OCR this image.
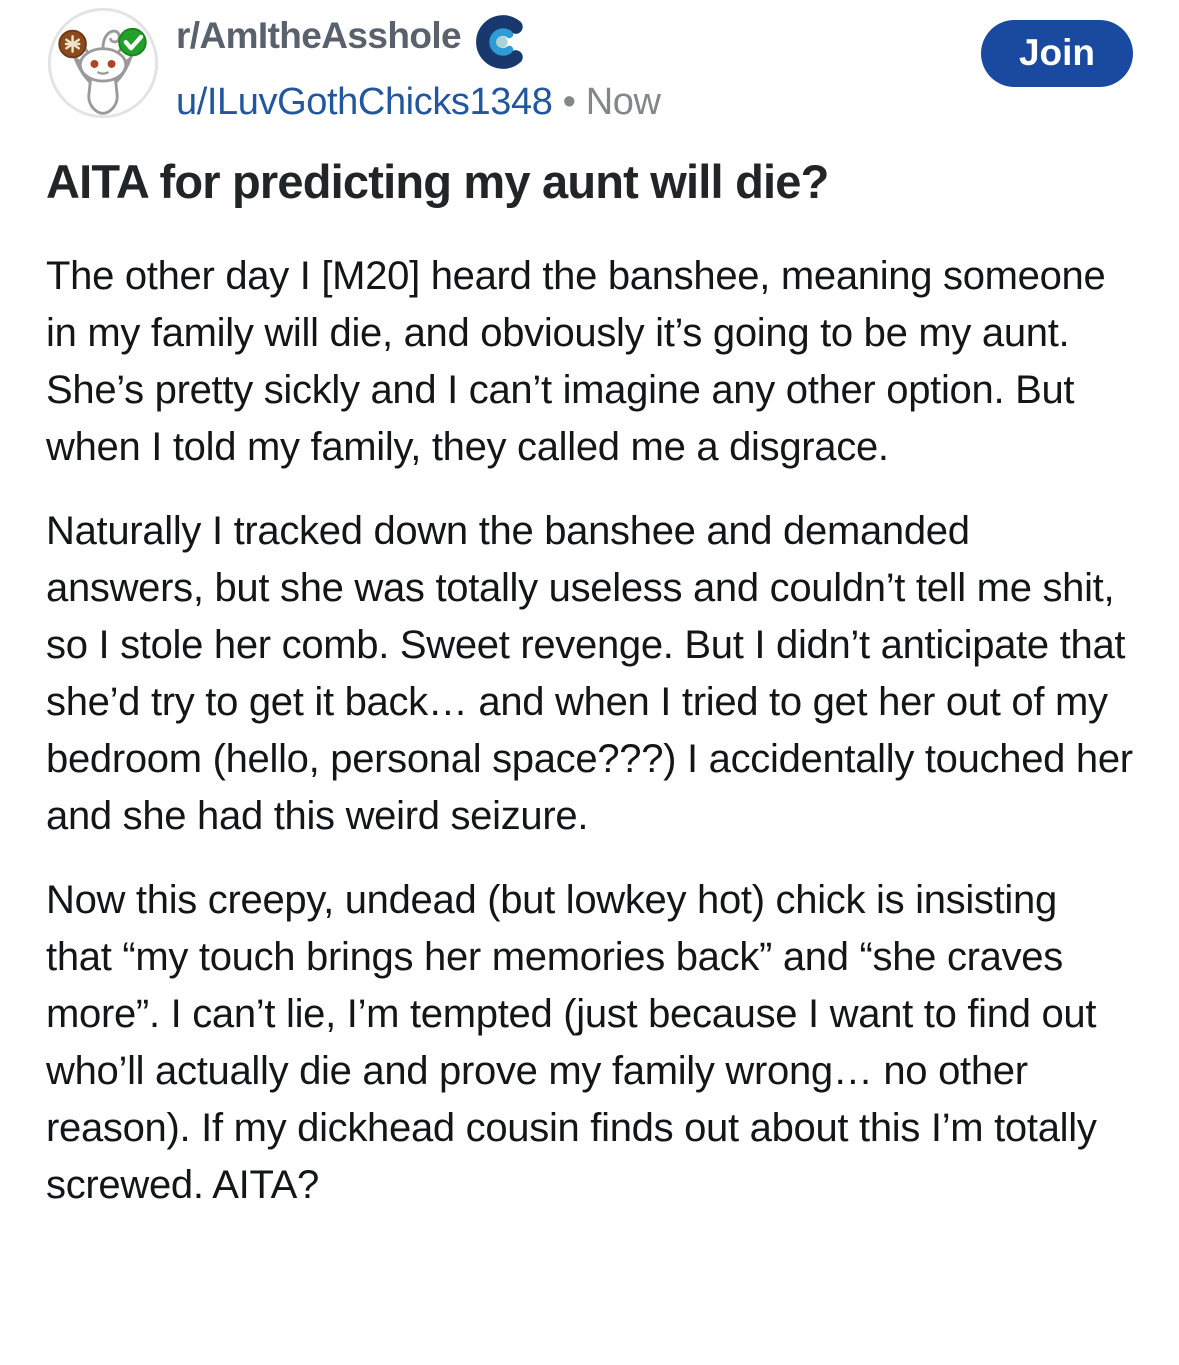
r/AmItheAsshole
u/ILuvGothChicks1348 • Now
Join
AITA for predicting my aunt will die?

The other day I [M20] heard the banshee, meaning someone in my family will die, and obviously it’s going to be my aunt. She’s pretty sickly and I can’t imagine any other option. But when I told my family, they called me a disgrace.

Naturally I tracked down the banshee and demanded answers, but she was totally useless and couldn’t tell me shit, so I stole her comb. Sweet revenge. But I didn’t anticipate that she’d try to get it back… and when I tried to get her out of my bedroom (hello, personal space???) I accidentally touched her and she had this weird seizure.

Now this creepy, undead (but lowkey hot) chick is insisting that “my touch brings her memories back” and “she craves more”. I can’t lie, I’m tempted (just because I want to find out who’ll actually die and prove my family wrong… no other reason). If my dickhead cousin finds out about this I’m totally screwed. AITA?
